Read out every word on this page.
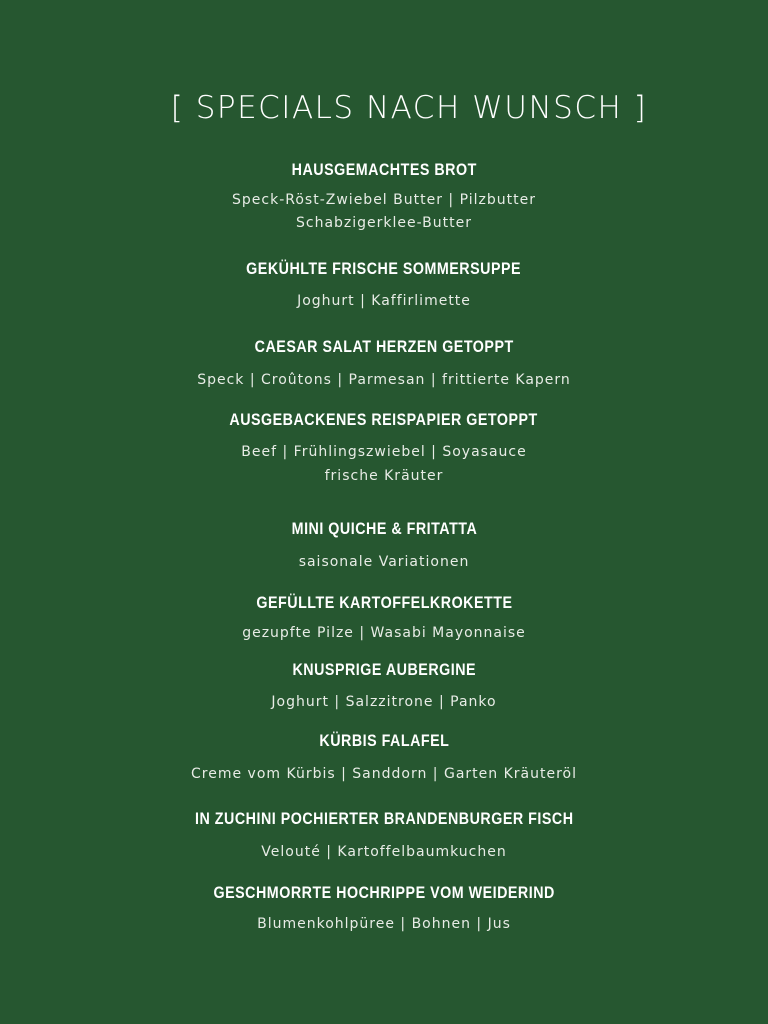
[ SPECIALS NACH WUNSCH ]
HAUSGEMACHTES BROT
Speck-Röst-Zwiebel Butter | Pilzbutter
Schabzigerklee-Butter
GEKÜHLTE FRISCHE SOMMERSUPPE
Joghurt | Kaffirlimette
CAESAR SALAT HERZEN GETOPPT
Speck | Croûtons | Parmesan | frittierte Kapern
AUSGEBACKENES REISPAPIER GETOPPT
Beef | Frühlingszwiebel | Soyasauce
frische Kräuter
MINI QUICHE & FRITATTA
saisonale Variationen
GEFÜLLTE KARTOFFELKROKETTE
gezupfte Pilze | Wasabi Mayonnaise
KNUSPRIGE AUBERGINE
Joghurt | Salzzitrone | Panko
KÜRBIS FALAFEL
Creme vom Kürbis | Sanddorn | Garten Kräuteröl
IN ZUCHINI POCHIERTER BRANDENBURGER FISCH
Velouté | Kartoffelbaumkuchen
GESCHMORRTE HOCHRIPPE VOM WEIDERIND
Blumenkohlpüree | Bohnen | Jus
